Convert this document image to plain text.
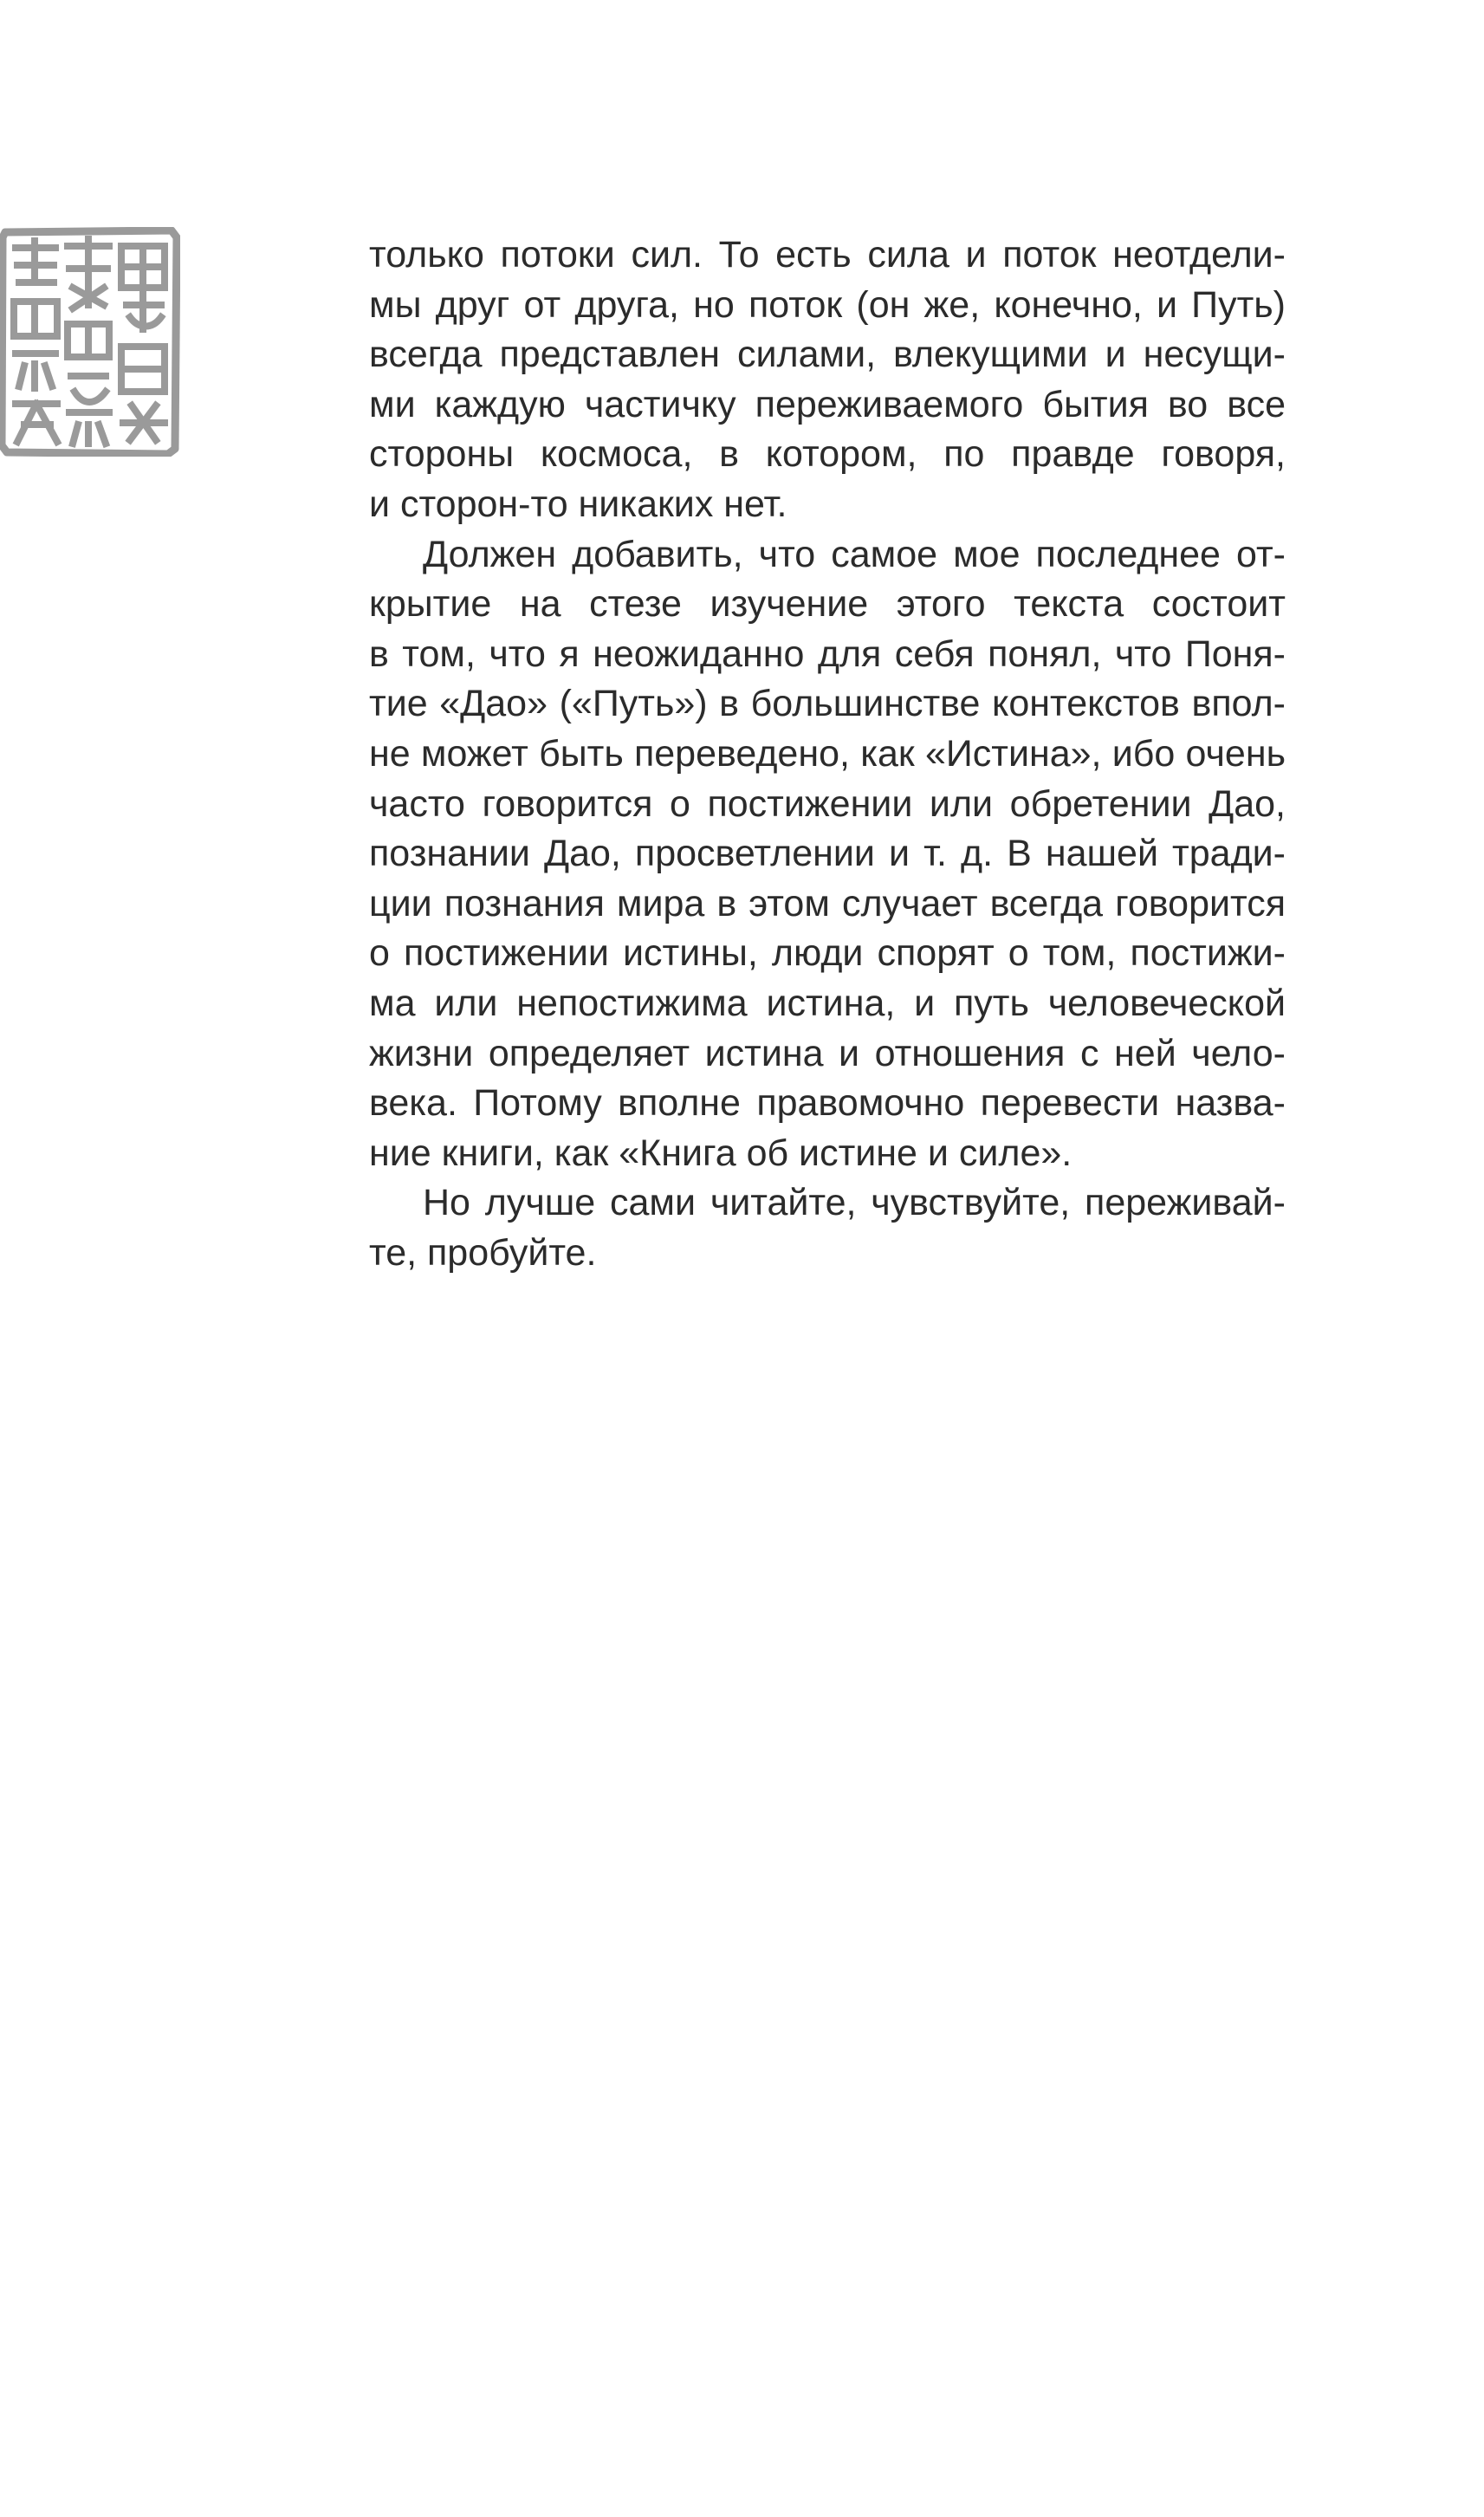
только потоки сил. То есть сила и поток неотдели-
мы друг от друга, но поток (он же, конечно, и Путь)
всегда представлен силами, влекущими и несущи-
ми каждую частичку переживаемого бытия во все
стороны космоса, в котором, по правде говоря,
и сторон-то никаких нет.
Должен добавить, что самое мое последнее от-
крытие на стезе изучение этого текста состоит
в том, что я неожиданно для себя понял, что Поня-
тие «Дао» («Путь») в большинстве контекстов впол-
не может быть переведено, как «Истина», ибо очень
часто говорится о постижении или обретении Дао,
познании Дао, просветлении и т. д. В нашей тради-
ции познания мира в этом случает всегда говорится
о постижении истины, люди спорят о том, постижи-
ма или непостижима истина, и путь человеческой
жизни определяет истина и отношения с ней чело-
века. Потому вполне правомочно перевести назва-
ние книги, как «Книга об истине и силе».
Но лучше сами читайте, чувствуйте, переживай-
те, пробуйте.
